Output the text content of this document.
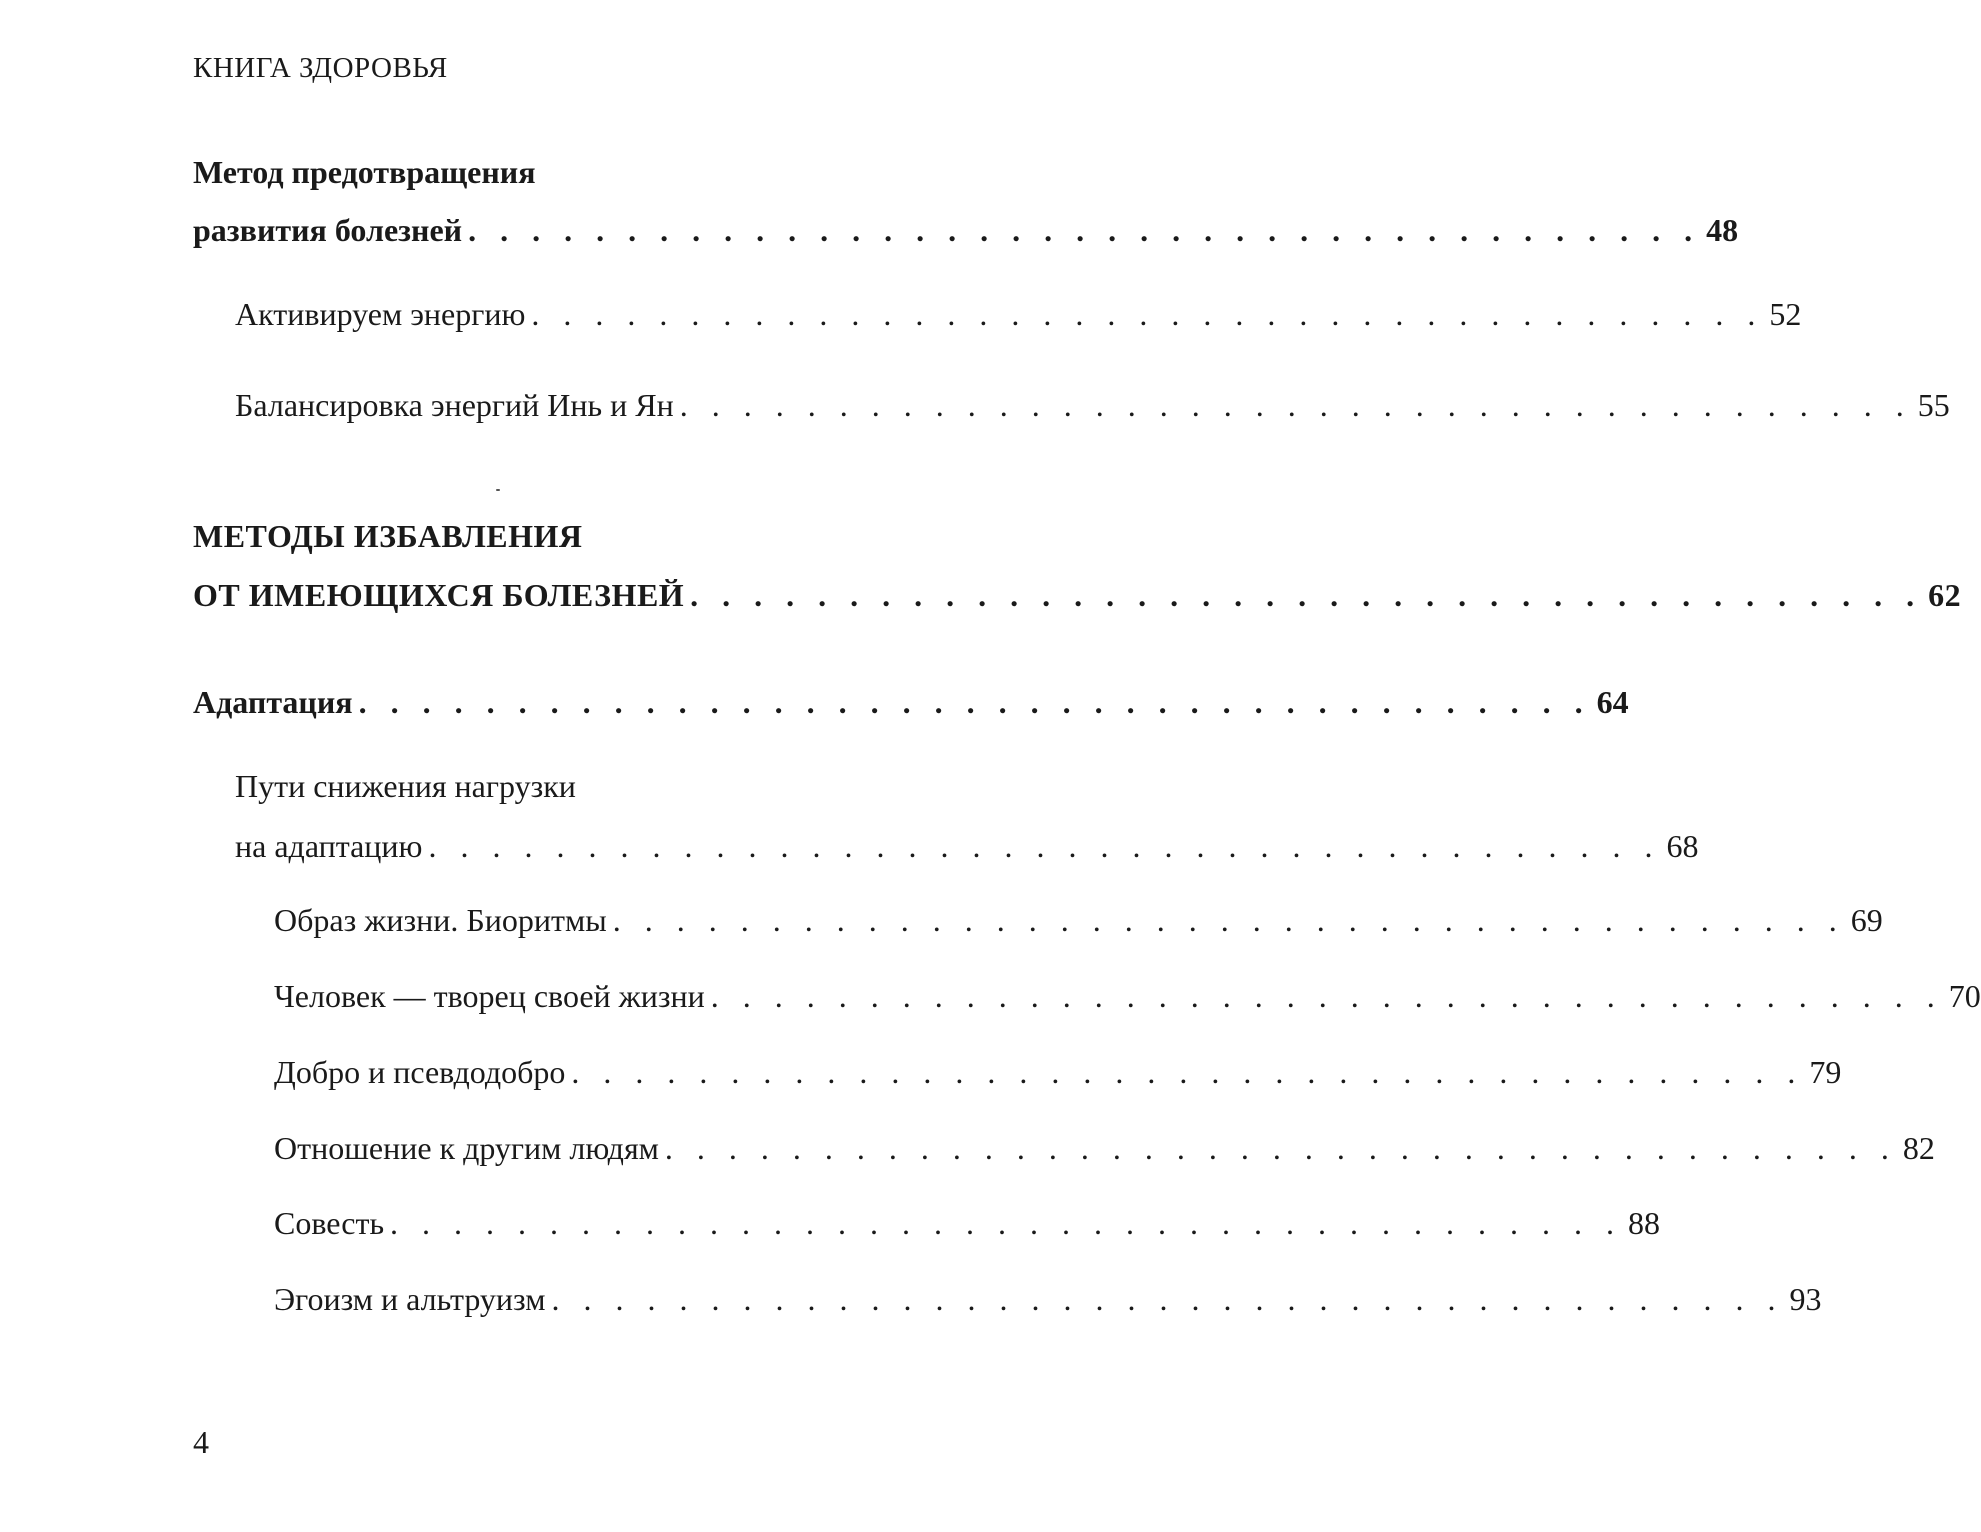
КНИГА ЗДОРОВЬЯ
Метод предотвращения
развития болезней . . . . . . . . . . . . . . . . . . . . . . . . . . . . . . . . . . . . . . . 48
Активируем энергию . . . . . . . . . . . . . . . . . . . . . . . . . . . . . . . . . . . . . . . 52
Балансировка энергий Инь и Ян . . . . . . . . . . . . . . . . . . . . . . . . . . . . . . . . . . . . . . . 55
МЕТОДЫ ИЗБАВЛЕНИЯ
ОТ ИМЕЮЩИХСЯ БОЛЕЗНЕЙ . . . . . . . . . . . . . . . . . . . . . . . . . . . . . . . . . . . . . . . 62
Адаптация . . . . . . . . . . . . . . . . . . . . . . . . . . . . . . . . . . . . . . . 64
Пути снижения нагрузки
на адаптацию . . . . . . . . . . . . . . . . . . . . . . . . . . . . . . . . . . . . . . . 68
Образ жизни. Биоритмы . . . . . . . . . . . . . . . . . . . . . . . . . . . . . . . . . . . . . . . 69
Человек — творец своей жизни . . . . . . . . . . . . . . . . . . . . . . . . . . . . . . . . . . . . . . . 70
Добро и псевдодобро . . . . . . . . . . . . . . . . . . . . . . . . . . . . . . . . . . . . . . . 79
Отношение к другим людям . . . . . . . . . . . . . . . . . . . . . . . . . . . . . . . . . . . . . . . 82
Совесть . . . . . . . . . . . . . . . . . . . . . . . . . . . . . . . . . . . . . . . 88
Эгоизм и альтруизм . . . . . . . . . . . . . . . . . . . . . . . . . . . . . . . . . . . . . . . 93
4
